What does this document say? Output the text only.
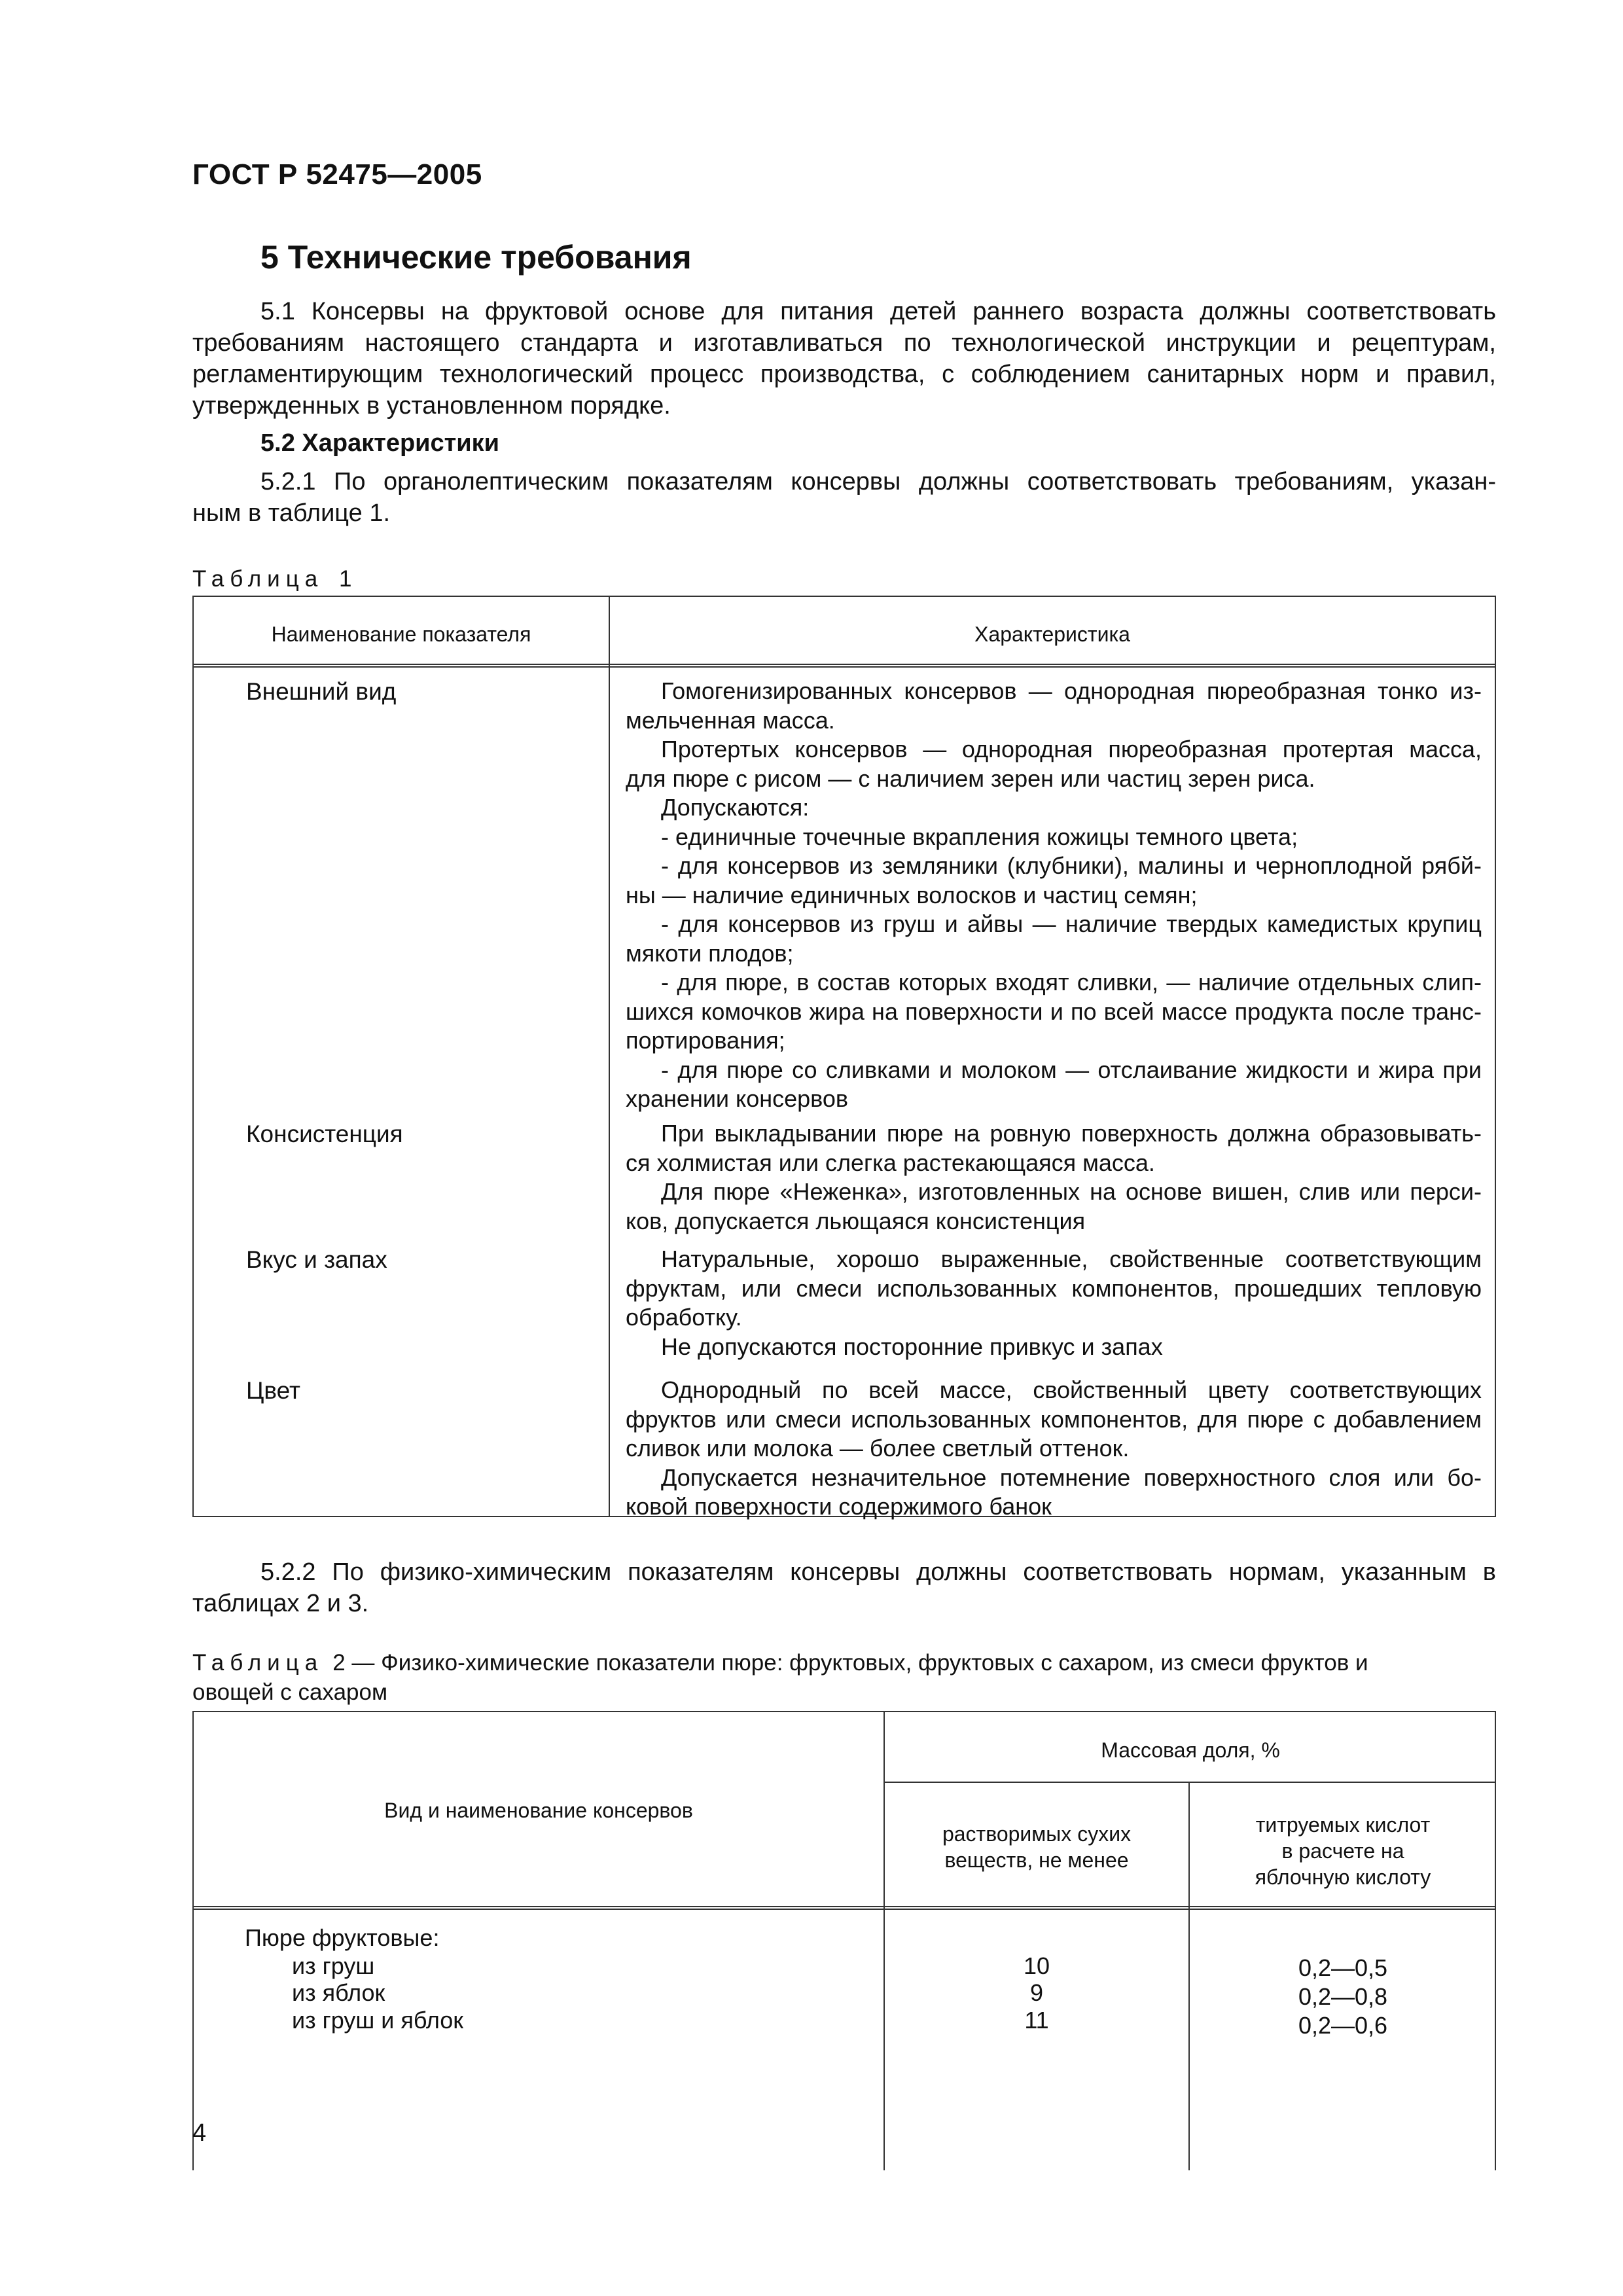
ГОСТ Р 52475—2005
5 Технические требования
5.1 Консервы на фруктовой основе для питания детей раннего возраста должны соответствовать
требованиям настоящего стандарта и изготавливаться по технологической инструкции и рецептурам,
регламентирующим технологический процесс производства, с соблюдением санитарных норм и правил,
утвержденных в установленном порядке.
5.2 Характеристики
5.2.1 По органолептическим показателям консервы должны соответствовать требованиям, указан-
ным в таблице 1.
Таблица 1
Наименование показателя	Характеристика
Внешний вид	Гомогенизированных консервов — однородная пюреобразная тонко из-
мельченная масса.
Протертых консервов — однородная пюреобразная протертая масса,
для пюре с рисом — с наличием зерен или частиц зерен риса.
Допускаются:
- единичные точечные вкрапления кожицы темного цвета;
- для консервов из земляники (клубники), малины и черноплодной рябй-
ны — наличие единичных волосков и частиц семян;
- для консервов из груш и айвы — наличие твердых камедистых крупиц
мякоти плодов;
- для пюре, в состав которых входят сливки, — наличие отдельных слип-
шихся комочков жира на поверхности и по всей массе продукта после транс-
портирования;
- для пюре со сливками и молоком — отслаивание жидкости и жира при
хранении консервов
Консистенция	При выкладывании пюре на ровную поверхность должна образовывать-
ся холмистая или слегка растекающаяся масса.
Для пюре «Неженка», изготовленных на основе вишен, слив или перси-
ков, допускается льющаяся консистенция
Вкус и запах	Натуральные, хорошо выраженные, свойственные соответствующим
фруктам, или смеси использованных компонентов, прошедших тепловую
обработку.
Не допускаются посторонние привкус и запах
Цвет	Однородный по всей массе, свойственный цвету соответствующих
фруктов или смеси использованных компонентов, для пюре с добавлением
сливок или молока — более светлый оттенок.
Допускается незначительное потемнение поверхностного слоя или бо-
ковой поверхности содержимого банок
5.2.2 По физико-химическим показателям консервы должны соответствовать нормам, указанным в
таблицах 2 и 3.
Таблица 2 — Физико-химические показатели пюре: фруктовых, фруктовых с сахаром, из смеси фруктов и
овощей с сахаром
Вид и наименование консервов
Массовая доля, %
растворимых сухих
веществ, не менее
титруемых кислот
в расчете на
яблочную кислоту
Пюре фруктовые:
из груш	10	0,2—0,5
из яблок	9	0,2—0,8
из груш и яблок	11	0,2—0,6
4
